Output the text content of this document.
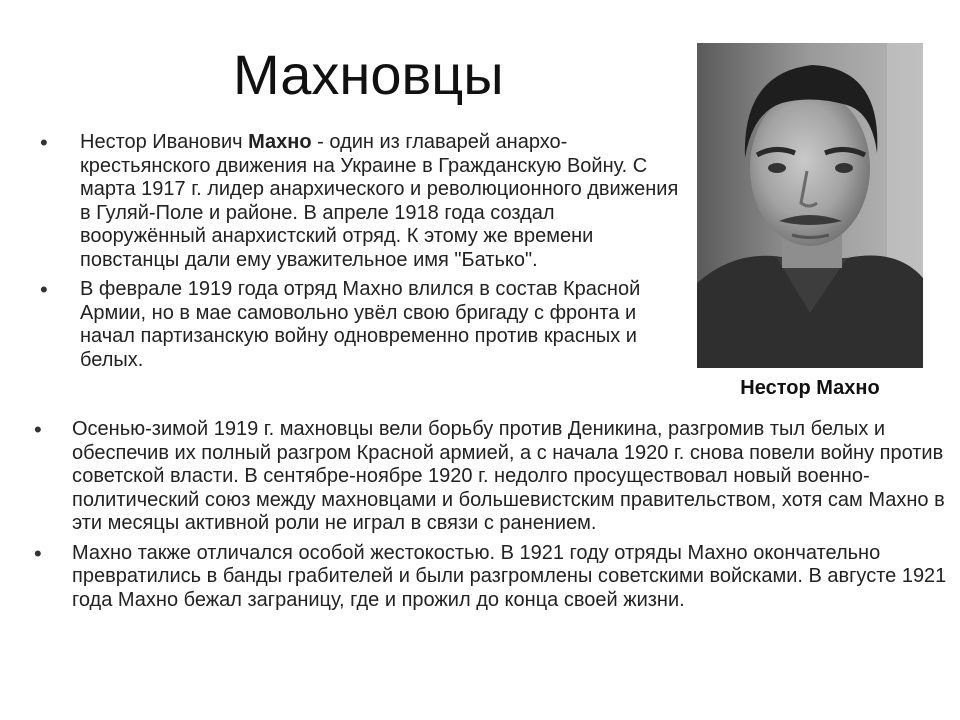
Махновцы
• Нестор Иванович Махно - один из главарей анархо-крестьянского движения на Украине в Гражданскую Войну. С марта 1917 г. лидер анархического и революционного движения в Гуляй-Поле и районе. В апреле 1918 года создал вооружённый анархистский отряд. К этому же времени повстанцы дали ему уважительное имя "Батько".
• В феврале 1919 года отряд Махно влился в состав Красной Армии, но в мае самовольно увёл свою бригаду с фронта и начал партизанскую войну одновременно против красных и белых.
Нестор Махно
• Осенью-зимой 1919 г. махновцы вели борьбу против Деникина, разгромив тыл белых и обеспечив их полный разгром Красной армией, а с начала 1920 г. снова повели войну против советской власти. В сентябре-ноябре 1920 г. недолго просуществовал новый военно-политический союз между махновцами и большевистским правительством, хотя сам Махно в эти месяцы активной роли не играл в связи с ранением.
• Махно также отличался особой жестокостью. В 1921 году отряды Махно окончательно превратились в банды грабителей и были разгромлены советскими войсками. В августе 1921 года Махно бежал заграницу, где и прожил до конца своей жизни.
